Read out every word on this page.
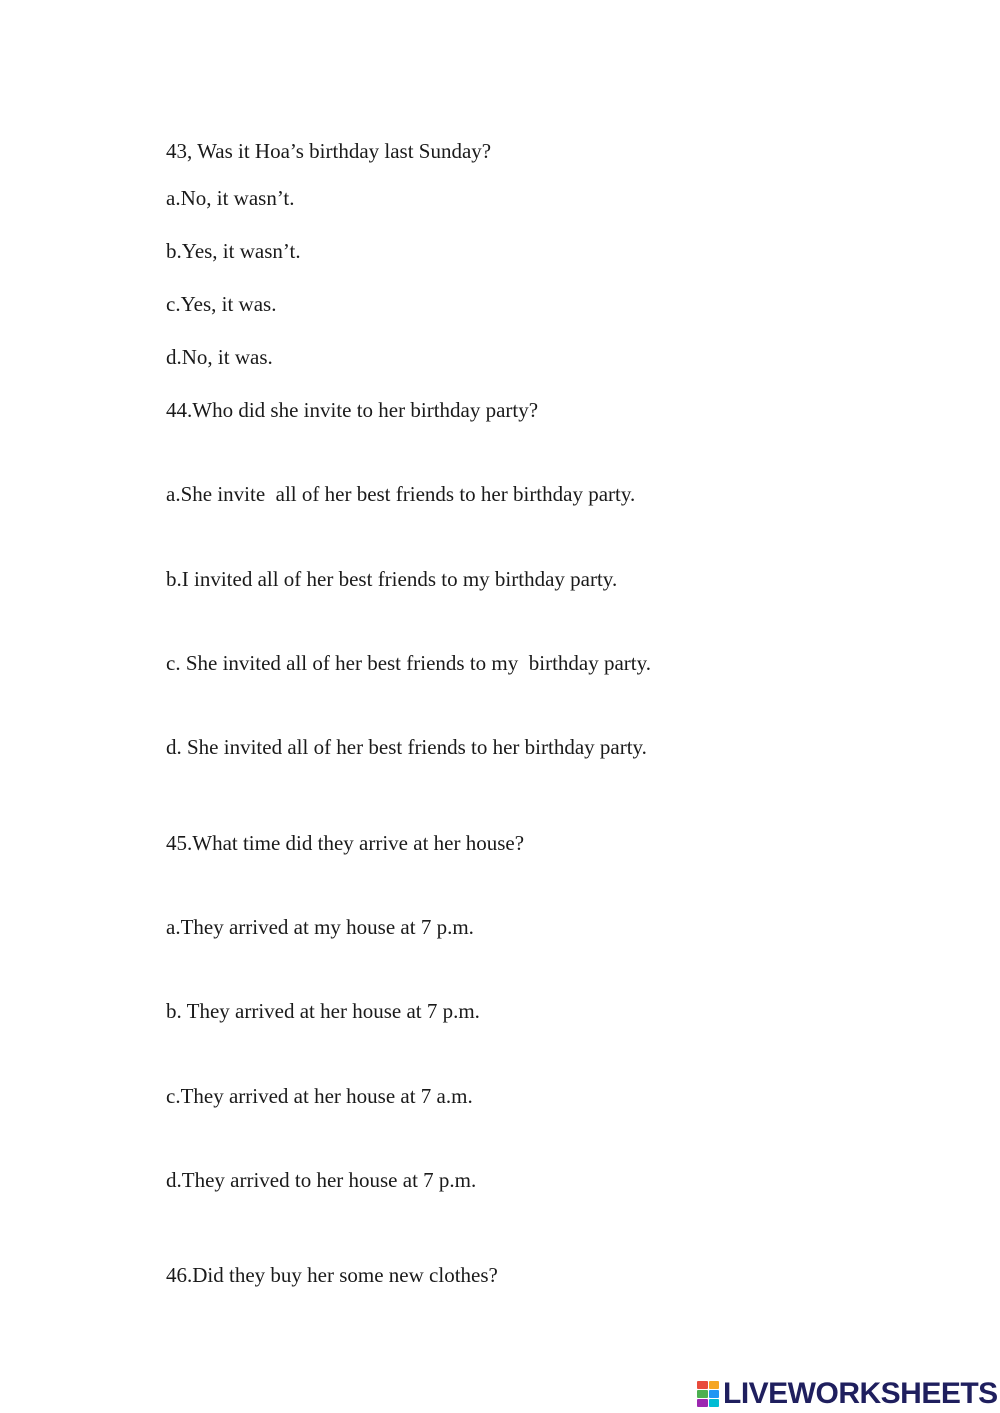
43, Was it Hoa’s birthday last Sunday?
a.No, it wasn’t.
b.Yes, it wasn’t.
c.Yes, it was.
d.No, it was.
44.Who did she invite to her birthday party?
a.She invite  all of her best friends to her birthday party.
b.I invited all of her best friends to my birthday party.
c. She invited all of her best friends to my  birthday party.
d. She invited all of her best friends to her birthday party.
45.What time did they arrive at her house?
a.They arrived at my house at 7 p.m.
b. They arrived at her house at 7 p.m.
c.They arrived at her house at 7 a.m.
d.They arrived to her house at 7 p.m.
46.Did they buy her some new clothes?
LIVEWORKSHEETS
